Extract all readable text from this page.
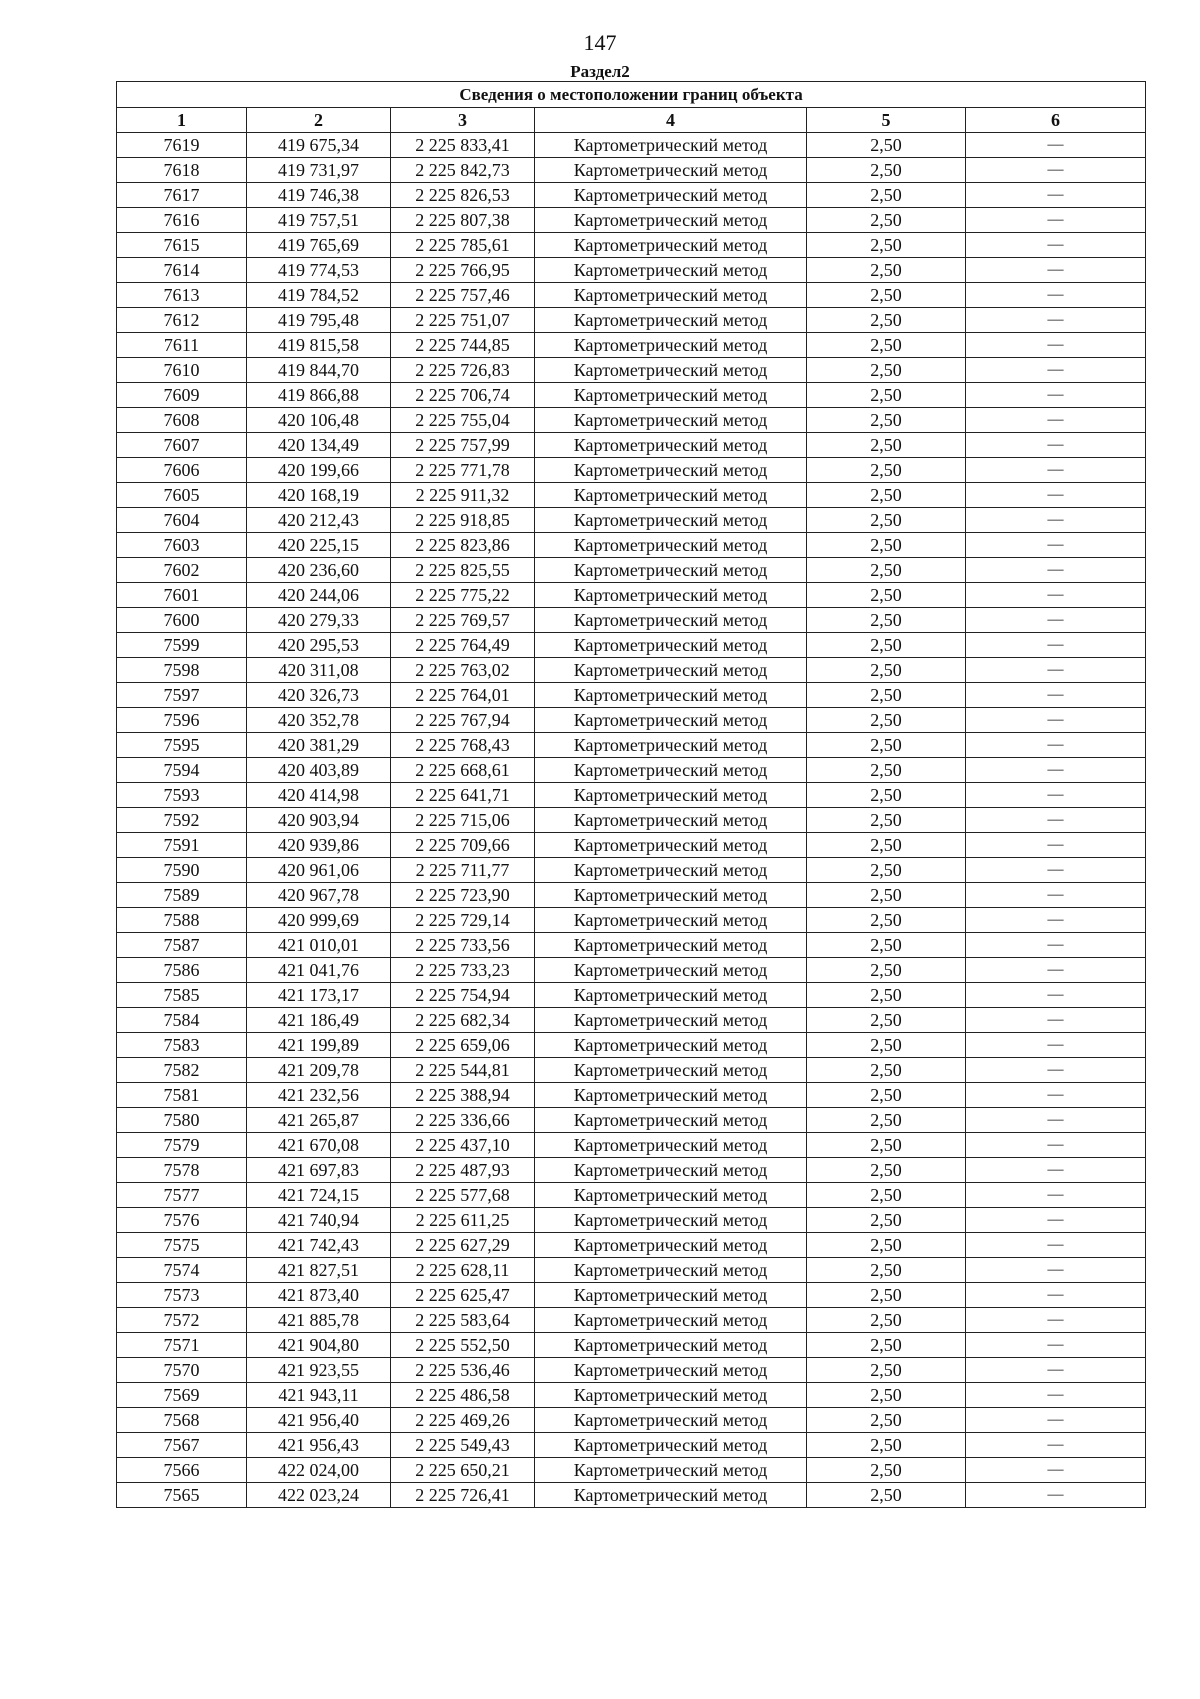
147
Раздел2
Сведения о местоположении границ объекта					
1	2	3	4	5	6
7619	419 675,34	2 225 833,41	Картометрический метод	2,50	—
7618	419 731,97	2 225 842,73	Картометрический метод	2,50	—
7617	419 746,38	2 225 826,53	Картометрический метод	2,50	—
7616	419 757,51	2 225 807,38	Картометрический метод	2,50	—
7615	419 765,69	2 225 785,61	Картометрический метод	2,50	—
7614	419 774,53	2 225 766,95	Картометрический метод	2,50	—
7613	419 784,52	2 225 757,46	Картометрический метод	2,50	—
7612	419 795,48	2 225 751,07	Картометрический метод	2,50	—
7611	419 815,58	2 225 744,85	Картометрический метод	2,50	—
7610	419 844,70	2 225 726,83	Картометрический метод	2,50	—
7609	419 866,88	2 225 706,74	Картометрический метод	2,50	—
7608	420 106,48	2 225 755,04	Картометрический метод	2,50	—
7607	420 134,49	2 225 757,99	Картометрический метод	2,50	—
7606	420 199,66	2 225 771,78	Картометрический метод	2,50	—
7605	420 168,19	2 225 911,32	Картометрический метод	2,50	—
7604	420 212,43	2 225 918,85	Картометрический метод	2,50	—
7603	420 225,15	2 225 823,86	Картометрический метод	2,50	—
7602	420 236,60	2 225 825,55	Картометрический метод	2,50	—
7601	420 244,06	2 225 775,22	Картометрический метод	2,50	—
7600	420 279,33	2 225 769,57	Картометрический метод	2,50	—
7599	420 295,53	2 225 764,49	Картометрический метод	2,50	—
7598	420 311,08	2 225 763,02	Картометрический метод	2,50	—
7597	420 326,73	2 225 764,01	Картометрический метод	2,50	—
7596	420 352,78	2 225 767,94	Картометрический метод	2,50	—
7595	420 381,29	2 225 768,43	Картометрический метод	2,50	—
7594	420 403,89	2 225 668,61	Картометрический метод	2,50	—
7593	420 414,98	2 225 641,71	Картометрический метод	2,50	—
7592	420 903,94	2 225 715,06	Картометрический метод	2,50	—
7591	420 939,86	2 225 709,66	Картометрический метод	2,50	—
7590	420 961,06	2 225 711,77	Картометрический метод	2,50	—
7589	420 967,78	2 225 723,90	Картометрический метод	2,50	—
7588	420 999,69	2 225 729,14	Картометрический метод	2,50	—
7587	421 010,01	2 225 733,56	Картометрический метод	2,50	—
7586	421 041,76	2 225 733,23	Картометрический метод	2,50	—
7585	421 173,17	2 225 754,94	Картометрический метод	2,50	—
7584	421 186,49	2 225 682,34	Картометрический метод	2,50	—
7583	421 199,89	2 225 659,06	Картометрический метод	2,50	—
7582	421 209,78	2 225 544,81	Картометрический метод	2,50	—
7581	421 232,56	2 225 388,94	Картометрический метод	2,50	—
7580	421 265,87	2 225 336,66	Картометрический метод	2,50	—
7579	421 670,08	2 225 437,10	Картометрический метод	2,50	—
7578	421 697,83	2 225 487,93	Картометрический метод	2,50	—
7577	421 724,15	2 225 577,68	Картометрический метод	2,50	—
7576	421 740,94	2 225 611,25	Картометрический метод	2,50	—
7575	421 742,43	2 225 627,29	Картометрический метод	2,50	—
7574	421 827,51	2 225 628,11	Картометрический метод	2,50	—
7573	421 873,40	2 225 625,47	Картометрический метод	2,50	—
7572	421 885,78	2 225 583,64	Картометрический метод	2,50	—
7571	421 904,80	2 225 552,50	Картометрический метод	2,50	—
7570	421 923,55	2 225 536,46	Картометрический метод	2,50	—
7569	421 943,11	2 225 486,58	Картометрический метод	2,50	—
7568	421 956,40	2 225 469,26	Картометрический метод	2,50	—
7567	421 956,43	2 225 549,43	Картометрический метод	2,50	—
7566	422 024,00	2 225 650,21	Картометрический метод	2,50	—
7565	422 023,24	2 225 726,41	Картометрический метод	2,50	—
